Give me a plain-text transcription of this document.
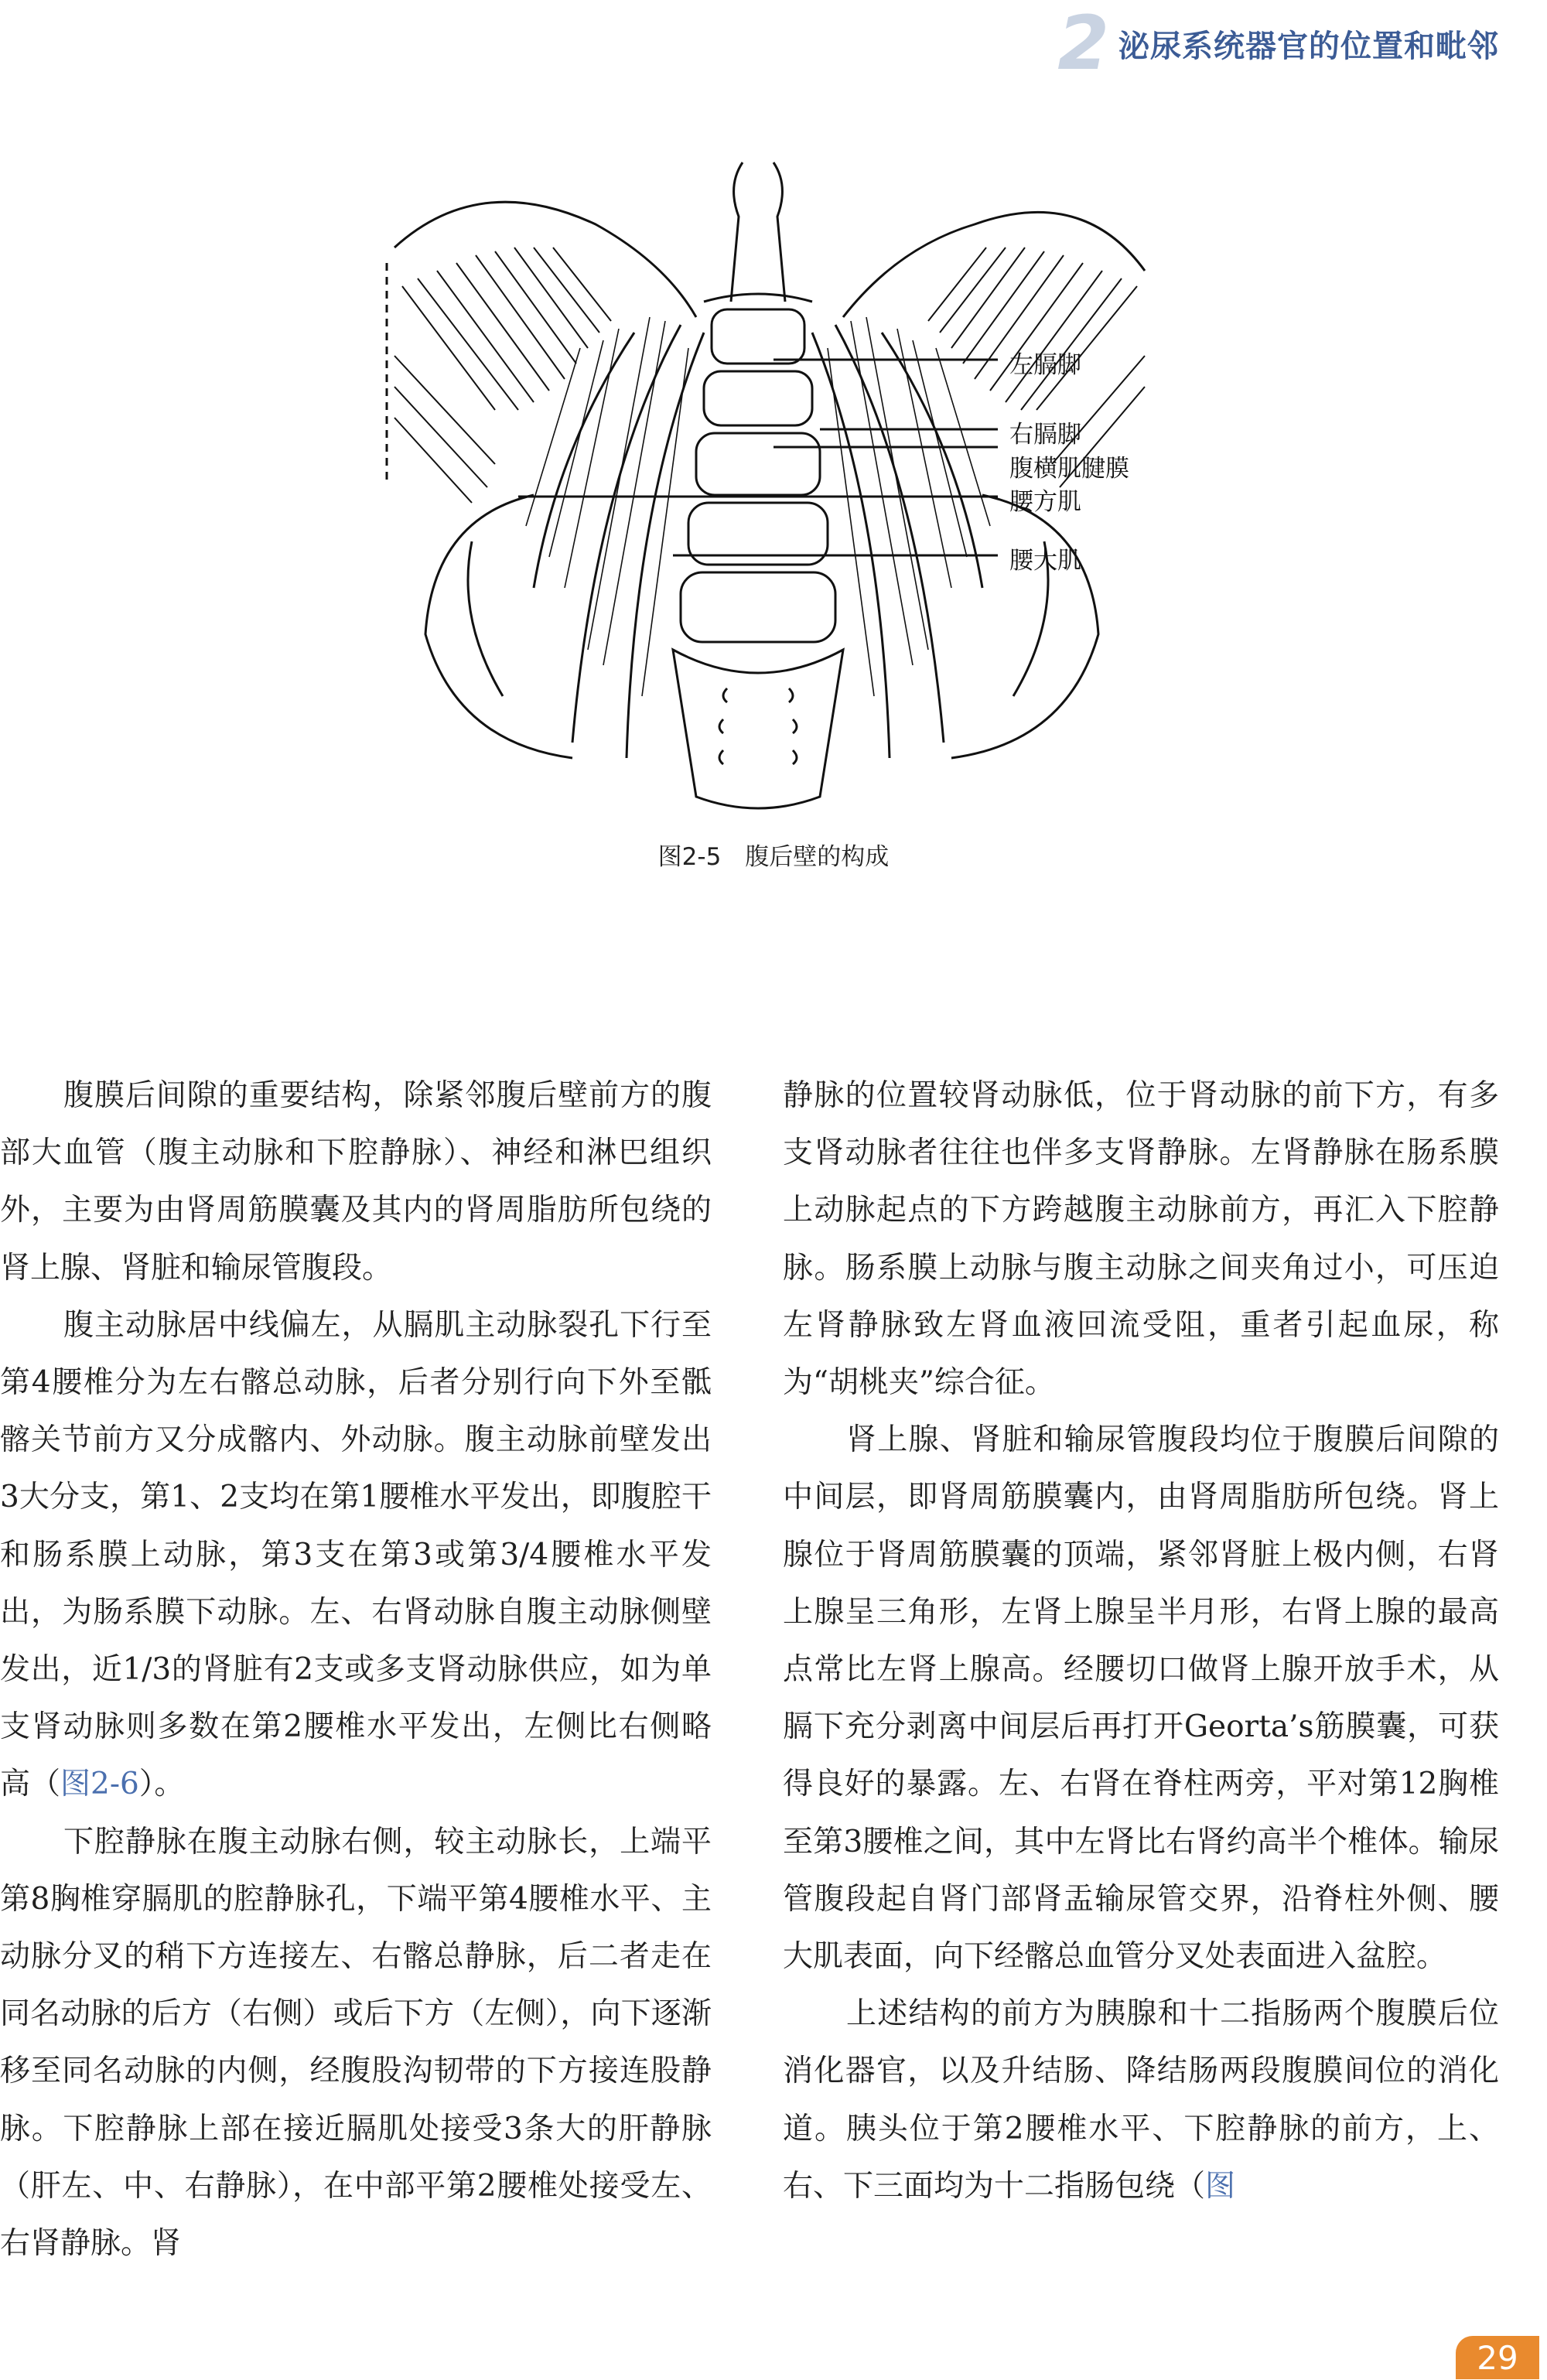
2 泌尿系统器官的位置和毗邻
左膈脚
右膈脚
腹横肌腱膜
腰方肌
腰大肌
图2-5　腹后壁的构成

腹膜后间隙的重要结构，除紧邻腹后壁前方的腹部大血管（腹主动脉和下腔静脉）、神经和淋巴组织外，主要为由肾周筋膜囊及其内的肾周脂肪所包绕的肾上腺、肾脏和输尿管腹段。

腹主动脉居中线偏左，从膈肌主动脉裂孔下行至第4腰椎分为左右髂总动脉，后者分别行向下外至骶髂关节前方又分成髂内、外动脉。腹主动脉前壁发出3大分支，第1、2支均在第1腰椎水平发出，即腹腔干和肠系膜上动脉，第3支在第3或第3/4腰椎水平发出，为肠系膜下动脉。左、右肾动脉自腹主动脉侧壁发出，近1/3的肾脏有2支或多支肾动脉供应，如为单支肾动脉则多数在第2腰椎水平发出，左侧比右侧略高（图2-6）。

下腔静脉在腹主动脉右侧，较主动脉长，上端平第8胸椎穿膈肌的腔静脉孔，下端平第4腰椎水平、主动脉分叉的稍下方连接左、右髂总静脉，后二者走在同名动脉的后方（右侧）或后下方（左侧），向下逐渐移至同名动脉的内侧，经腹股沟韧带的下方接连股静脉。下腔静脉上部在接近膈肌处接受3条大的肝静脉（肝左、中、右静脉），在中部平第2腰椎处接受左、右肾静脉。肾

静脉的位置较肾动脉低，位于肾动脉的前下方，有多支肾动脉者往往也伴多支肾静脉。左肾静脉在肠系膜上动脉起点的下方跨越腹主动脉前方，再汇入下腔静脉。肠系膜上动脉与腹主动脉之间夹角过小，可压迫左肾静脉致左肾血液回流受阻，重者引起血尿，称为“胡桃夹”综合征。

肾上腺、肾脏和输尿管腹段均位于腹膜后间隙的中间层，即肾周筋膜囊内，由肾周脂肪所包绕。肾上腺位于肾周筋膜囊的顶端，紧邻肾脏上极内侧，右肾上腺呈三角形，左肾上腺呈半月形，右肾上腺的最高点常比左肾上腺高。经腰切口做肾上腺开放手术，从膈下充分剥离中间层后再打开Georta’s筋膜囊，可获得良好的暴露。左、右肾在脊柱两旁，平对第12胸椎至第3腰椎之间，其中左肾比右肾约高半个椎体。输尿管腹段起自肾门部肾盂输尿管交界，沿脊柱外侧、腰大肌表面，向下经髂总血管分叉处表面进入盆腔。

上述结构的前方为胰腺和十二指肠两个腹膜后位消化器官，以及升结肠、降结肠两段腹膜间位的消化道。胰头位于第2腰椎水平、下腔静脉的前方，上、右、下三面均为十二指肠包绕（图

29
